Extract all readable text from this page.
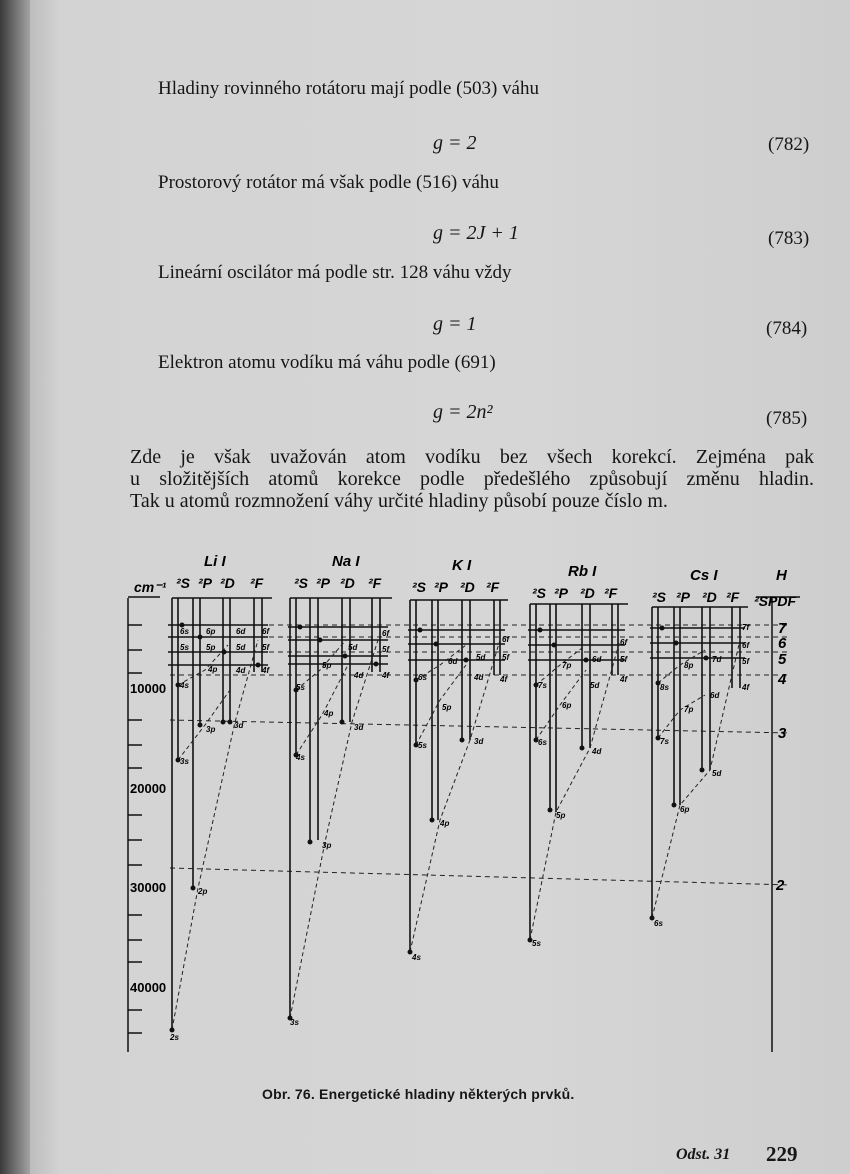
Hladiny rovinného rotátoru mají podle (503) váhu
g = 2	(782)
Prostorový rotátor má však podle (516) váhu
g = 2J + 1	(783)
Lineární oscilátor má podle str. 128 váhu vždy
g = 1	(784)
Elektron atomu vodíku má váhu podle (691)
g = 2n²	(785)
Zde je však uvažován atom vodíku bez všech korekcí. Zejména pak
u složitějších atomů korekce podle předešlého způsobují změnu hladin.
Tak u atomů rozmnožení váhy určité hladiny působí pouze číslo m.
cm⁻¹
10000
20000
30000
40000
Li I	Na I	K I	Rb I	Cs I	H
²S ²P ²D ²F ²S ²P ²D ²F ²S ²P ²D ²F ²S ²P ²D ²F ²S ²P ²D ²F ²SPDF
7
6
5
4
3
2
2s
2p
3s
3p 3d
4s
4p 4d 4f
5s 5p	5d 5f
6s 6p	6d 6f
3s
3p
3d
4s
4p
4d 4f
5s
5p
5d	5f
6f
4s
4p
3d
5s
5p
4d 4f
6s
6d 5d 5f
6f
5s
5p
4d
6s
6p
5d
4f
7s
7p
6d 5f
6f
6s
6p
5d
7s
7p
6d
4f
8s
8p
7d	5f
6f
7f
Obr. 76. Energetické hladiny některých prvků.
Odst. 31 229
